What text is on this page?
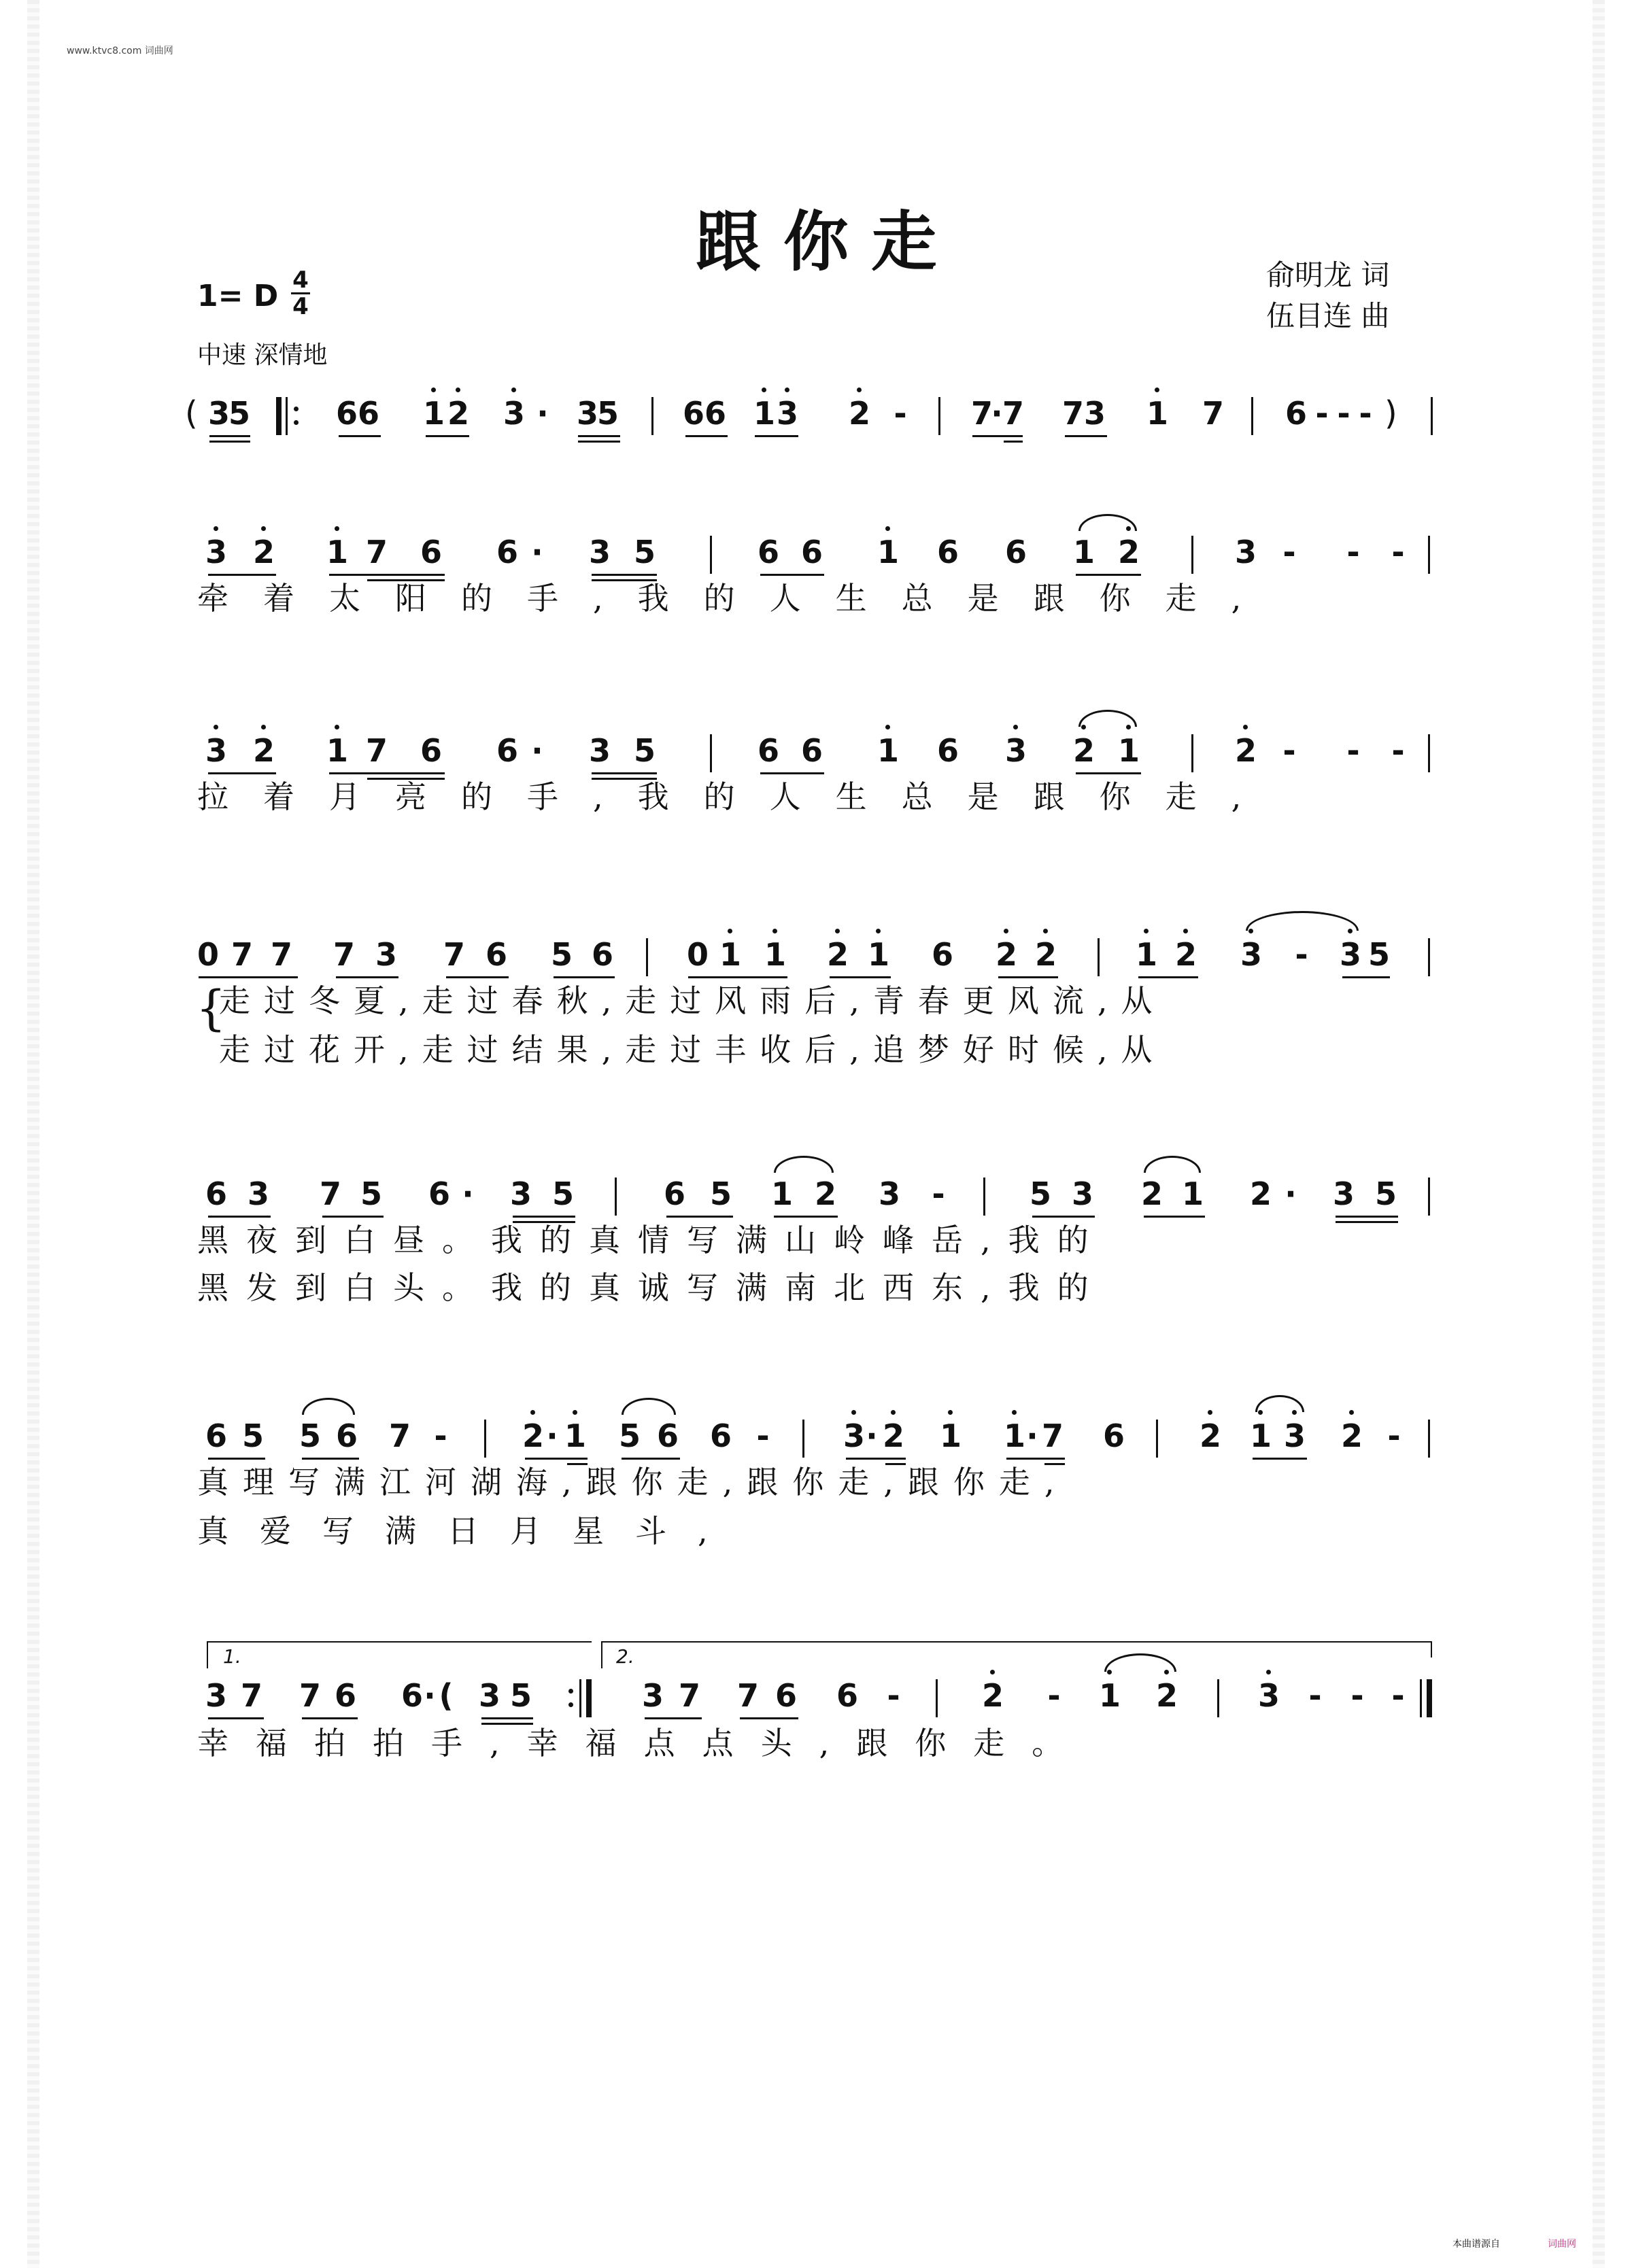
www.ktvc8.com 词曲网
跟 你 走	俞明龙 词
伍目连 曲
1= D 4
4
中速 深情地
( 3
5	6 6 1 2 3 · 3
5 6 6 1 3 2 - 7
· 7 7 3 1 7 6 - - - )
3 2 1 7 6 6 · 3 5	6 6 1 6 6 1 2	3 - - -
牵着太阳的手,我的人生总是跟你走,
3 2 1 7 6 6 · 3 5	6 6 1 6 3 2 1	2 - - -
拉着月亮的手,我的人生总是跟你走,
0 7 7 7 3 7 6 5 6 0 1 1 2 1 6 2 2	1 2 3 - 3 5
{
走过冬夏,走过春秋,走过风雨后,青春更风流,从
走过花开,走过结果,走过丰收后,追梦好时候,从
6 3 7 5 6 · 3 5	6 5 1 2 3 -	5 3 2 1 2 · 3 5
黑夜到白昼。我的真情写满山岭峰岳,我的
黑发到白头。我的真诚写满南北西东,我的
6 5 5 6 7 - 2 · 1 5 6 6 - 3 · 2 1 1 · 7 6 2 1 3 2 -
真理写满江河湖海,跟你走,跟你走,跟你走,
真爱写满日月星斗,
1.	2.
3 7 7 6 6 · ( 3 5	3 7 7 6 6 -	2 - 1 2	3 - - -
幸福拍拍手,幸福点点头,跟你走。
本曲谱源自	词曲网
